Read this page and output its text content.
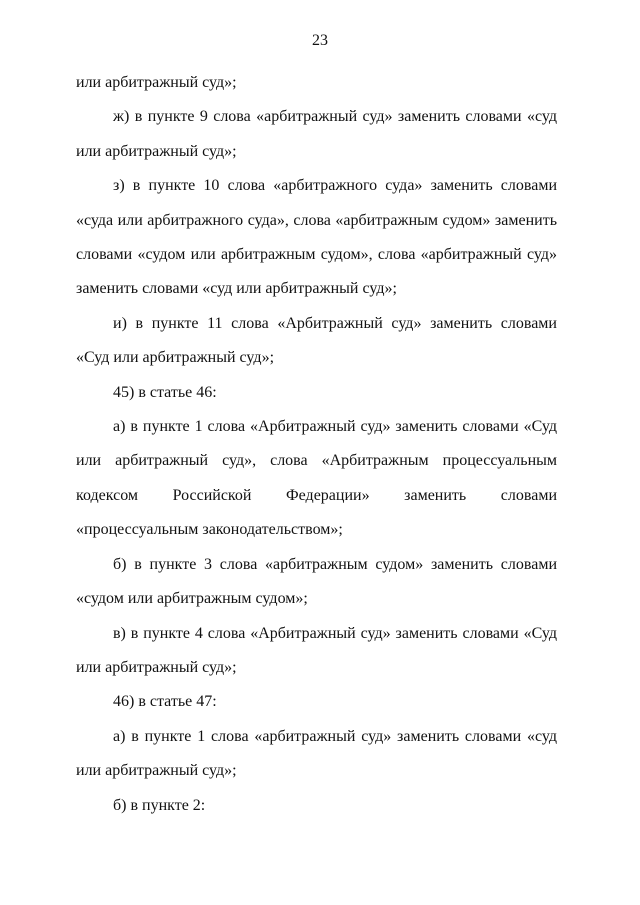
23

или арбитражный суд»;

ж) в пункте 9 слова «арбитражный суд» заменить словами «суд или арбитражный суд»;

з) в пункте 10 слова «арбитражного суда» заменить словами «суда или арбитражного суда», слова «арбитражным судом» заменить словами «судом или арбитражным судом», слова «арбитражный суд» заменить словами «суд или арбитражный суд»;

и) в пункте 11 слова «Арбитражный суд» заменить словами «Суд или арбитражный суд»;

45) в статье 46:

а) в пункте 1 слова «Арбитражный суд» заменить словами «Суд или арбитражный суд», слова «Арбитражным процессуальным кодексом Российской Федерации» заменить словами «процессуальным законодательством»;

б) в пункте 3 слова «арбитражным судом» заменить словами «судом или арбитражным судом»;

в) в пункте 4 слова «Арбитражный суд» заменить словами «Суд или арбитражный суд»;

46) в статье 47:

а) в пункте 1 слова «арбитражный суд» заменить словами «суд или арбитражный суд»;

б) в пункте 2:
